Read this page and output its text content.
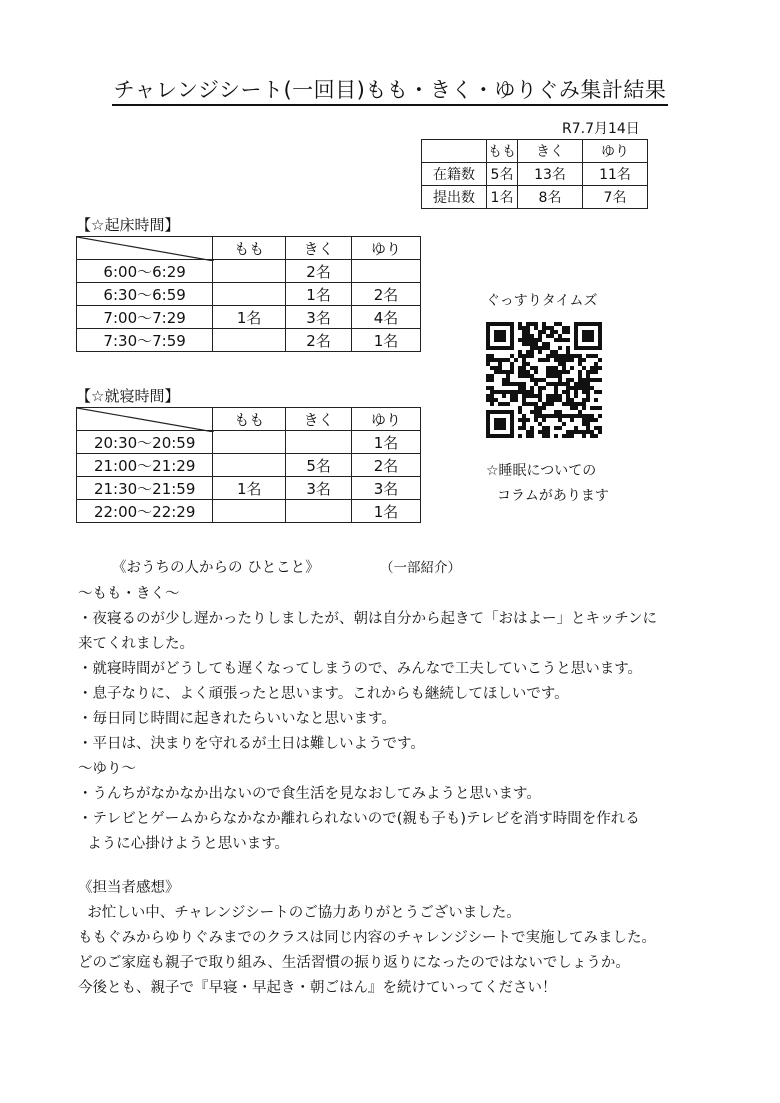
チャレンジシート(一回目)もも・きく・ゆりぐみ集計結果
R7.7月14日
	もも	きく	ゆり
在籍数	5名	13名	11名
提出数	1名	8名	7名
【☆起床時間】
	もも	きく	ゆり
6:00〜6:29		2名	
6:30〜6:59		1名	2名
7:00〜7:29	1名	3名	4名
7:30〜7:59		2名	1名
【☆就寝時間】
	もも	きく	ゆり
20:30〜20:59			1名
21:00〜21:29		5名	2名
21:30〜21:59	1名	3名	3名
22:00〜22:29			1名
ぐっすりタイムズ
☆睡眠についての
コラムがあります
《おうちの人からの ひとこと》	（一部紹介）
〜もも・きく〜
・夜寝るのが少し遅かったりしましたが、朝は自分から起きて「おはよー」とキッチンに
来てくれました。
・就寝時間がどうしても遅くなってしまうので、みんなで工夫していこうと思います。
・息子なりに、よく頑張ったと思います。これからも継続してほしいです。
・毎日同じ時間に起きれたらいいなと思います。
・平日は、決まりを守れるが土日は難しいようです。
〜ゆり〜
・うんちがなかなか出ないので食生活を見なおしてみようと思います。
・テレビとゲームからなかなか離れられないので(親も子も)テレビを消す時間を作れる
ように心掛けようと思います。
《担当者感想》
お忙しい中、チャレンジシートのご協力ありがとうございました。
ももぐみからゆりぐみまでのクラスは同じ内容のチャレンジシートで実施してみました。
どのご家庭も親子で取り組み、生活習慣の振り返りになったのではないでしょうか。
今後とも、親子で『早寝・早起き・朝ごはん』を続けていってください！
